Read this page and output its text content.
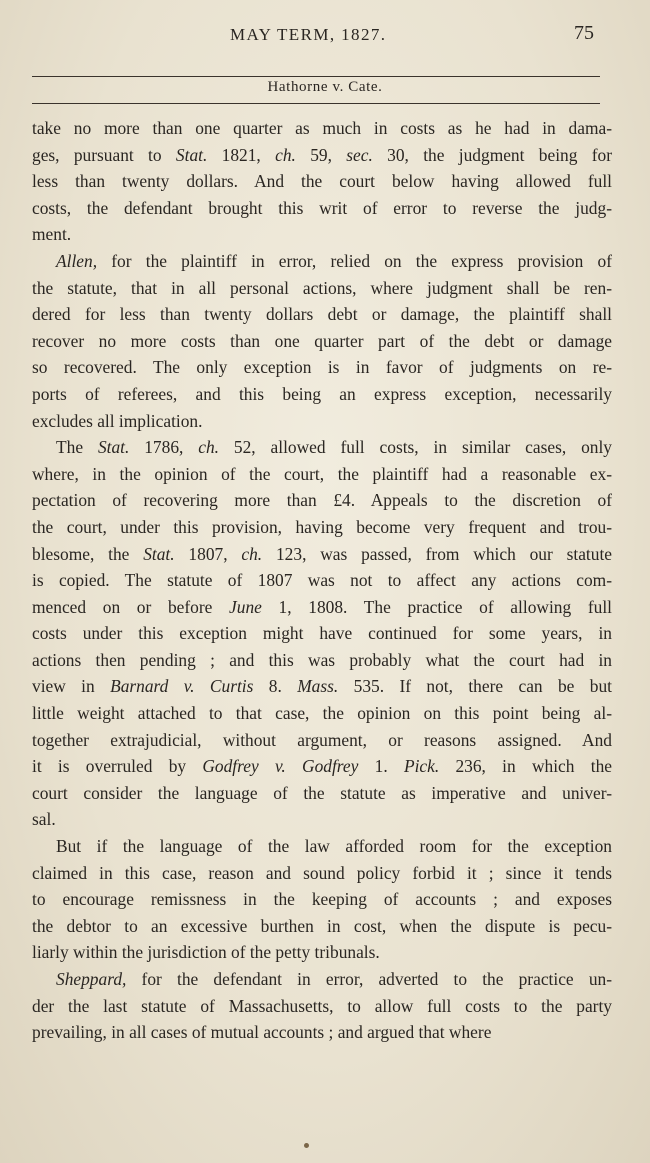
MAY TERM, 1827.	75
Hathorne v. Cate.
take no more than one quarter as much in costs as he had in dama-
ges, pursuant to Stat. 1821, ch. 59, sec. 30, the judgment being for
less than twenty dollars. And the court below having allowed full
costs, the defendant brought this writ of error to reverse the judg-
ment.
Allen, for the plaintiff in error, relied on the express provision of
the statute, that in all personal actions, where judgment shall be ren-
dered for less than twenty dollars debt or damage, the plaintiff shall
recover no more costs than one quarter part of the debt or damage
so recovered. The only exception is in favor of judgments on re-
ports of referees, and this being an express exception, necessarily
excludes all implication.
The Stat. 1786, ch. 52, allowed full costs, in similar cases, only
where, in the opinion of the court, the plaintiff had a reasonable ex-
pectation of recovering more than £4. Appeals to the discretion of
the court, under this provision, having become very frequent and trou-
blesome, the Stat. 1807, ch. 123, was passed, from which our statute
is copied. The statute of 1807 was not to affect any actions com-
menced on or before June 1, 1808. The practice of allowing full
costs under this exception might have continued for some years, in
actions then pending ; and this was probably what the court had in
view in Barnard v. Curtis 8. Mass. 535. If not, there can be but
little weight attached to that case, the opinion on this point being al-
together extrajudicial, without argument, or reasons assigned. And
it is overruled by Godfrey v. Godfrey 1. Pick. 236, in which the
court consider the language of the statute as imperative and univer-
sal.
But if the language of the law afforded room for the exception
claimed in this case, reason and sound policy forbid it ; since it tends
to encourage remissness in the keeping of accounts ; and exposes
the debtor to an excessive burthen in cost, when the dispute is pecu-
liarly within the jurisdiction of the petty tribunals.
Sheppard, for the defendant in error, adverted to the practice un-
der the last statute of Massachusetts, to allow full costs to the party
prevailing, in all cases of mutual accounts ; and argued that where
